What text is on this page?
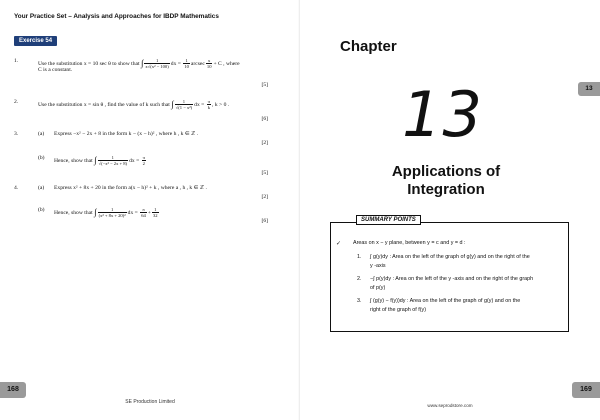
Your Practice Set – Analysis and Approaches for IBDP Mathematics
Exercise 54
1.	Use the substitution x = 10 sec θ to show that ∫ $\frac{1}{\text{x√(x² − 100)}}$ dx = $\frac{1}{10}$ arcsec $\frac{x}{10} + C$ , where
C is a constant.
[5]
2.	Use the substitution x = sin θ , find the value of k such that ∫ $\frac{1}{\text{√(1 − x²)}}$ dx = $\frac{\pi}{k}$ , k > 0 .
[6]
3.	(a) Express −x² − 2x + 8 in the form k − (x − h)² , where h , k ∈ ℤ .
[2]
(b) Hence, show that ∫ $\frac{1}{\text{√(−x² − 2x + 8)}}$ dx = $\frac{\pi}{2}$
[5]
4.	(a) Express x² + 8x + 20 in the form a(x − h)² + k , where a , h , k ∈ ℤ .
[2]
(b) Hence, show that ∫ $\frac{1}{\text{(x² + 8x + 20)²}}$ dx = $\frac{\pi}{64} + \frac{1}{32}$
[6]
168
SE Production Limited
Chapter
13
Applications of
Integration
13
SUMMARY POINTS
✓ Areas on x − y plane, between y = c and y = d :
1. ∫ g(y)dy : Area on the left of the graph of g(y) and on the right of the
y -axis
2. −∫ p(y)dy : Area on the left of the y -axis and on the right of the graph
of p(y)
3. ∫ (g(y) − f(y))dy : Area on the left of the graph of g(y) and on the
right of the graph of f(y)
169
www.seprodstore.com
